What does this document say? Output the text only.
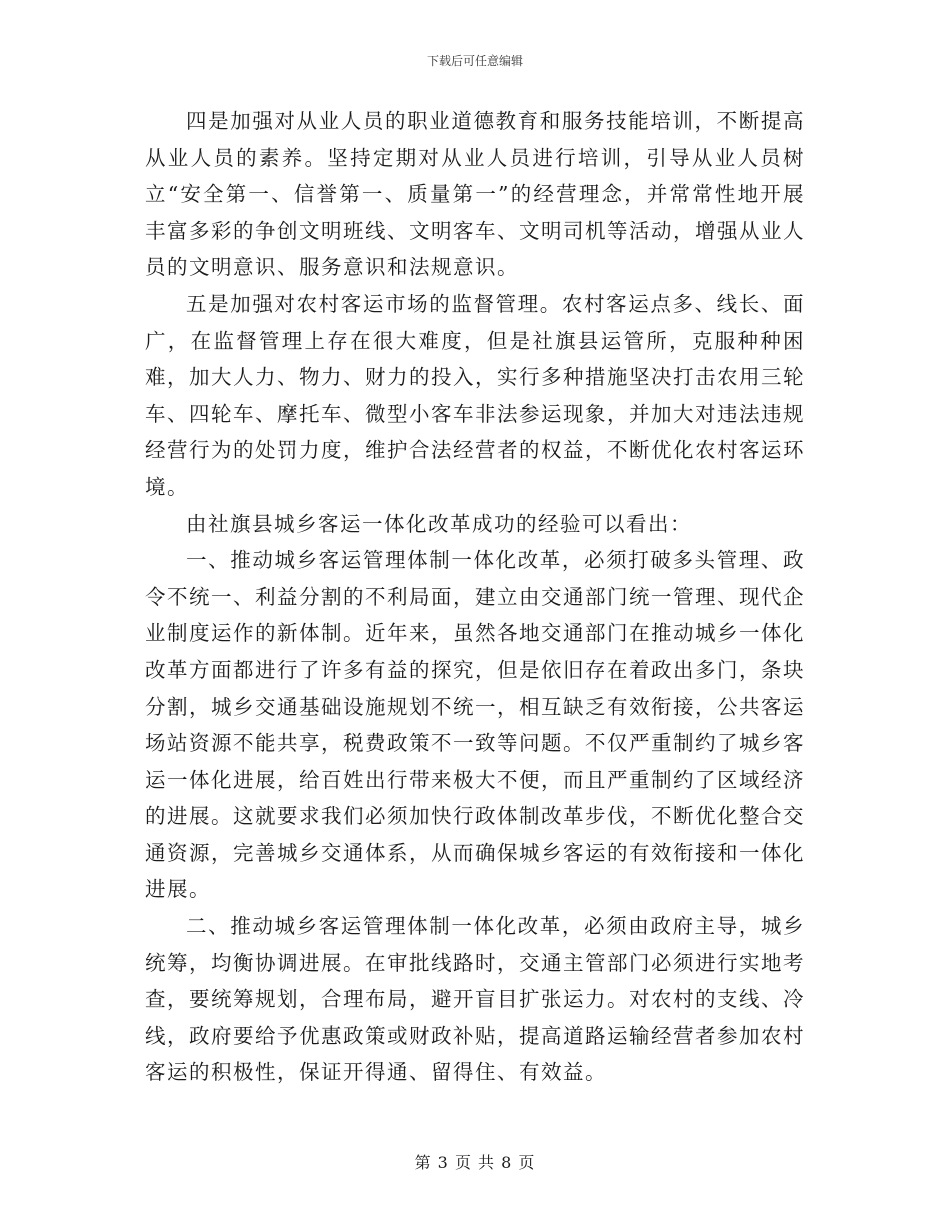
下载后可任意编辑

四是加强对从业人员的职业道德教育和服务技能培训，不断提高从业人员的素养。坚持定期对从业人员进行培训，引导从业人员树立“安全第一、信誉第一、质量第一”的经营理念，并常常性地开展丰富多彩的争创文明班线、文明客车、文明司机等活动，增强从业人员的文明意识、服务意识和法规意识。

五是加强对农村客运市场的监督管理。农村客运点多、线长、面广，在监督管理上存在很大难度，但是社旗县运管所，克服种种困难，加大人力、物力、财力的投入，实行多种措施坚决打击农用三轮车、四轮车、摩托车、微型小客车非法参运现象，并加大对违法违规经营行为的处罚力度，维护合法经营者的权益，不断优化农村客运环境。

由社旗县城乡客运一体化改革成功的经验可以看出：

一、推动城乡客运管理体制一体化改革，必须打破多头管理、政令不统一、利益分割的不利局面，建立由交通部门统一管理、现代企业制度运作的新体制。近年来，虽然各地交通部门在推动城乡一体化改革方面都进行了许多有益的探究，但是依旧存在着政出多门，条块分割，城乡交通基础设施规划不统一，相互缺乏有效衔接，公共客运场站资源不能共享，税费政策不一致等问题。不仅严重制约了城乡客运一体化进展，给百姓出行带来极大不便，而且严重制约了区域经济的进展。这就要求我们必须加快行政体制改革步伐，不断优化整合交通资源，完善城乡交通体系，从而确保城乡客运的有效衔接和一体化进展。

二、推动城乡客运管理体制一体化改革，必须由政府主导，城乡统筹，均衡协调进展。在审批线路时，交通主管部门必须进行实地考查，要统筹规划，合理布局，避开盲目扩张运力。对农村的支线、冷线，政府要给予优惠政策或财政补贴，提高道路运输经营者参加农村客运的积极性，保证开得通、留得住、有效益。

第 3 页 共 8 页
